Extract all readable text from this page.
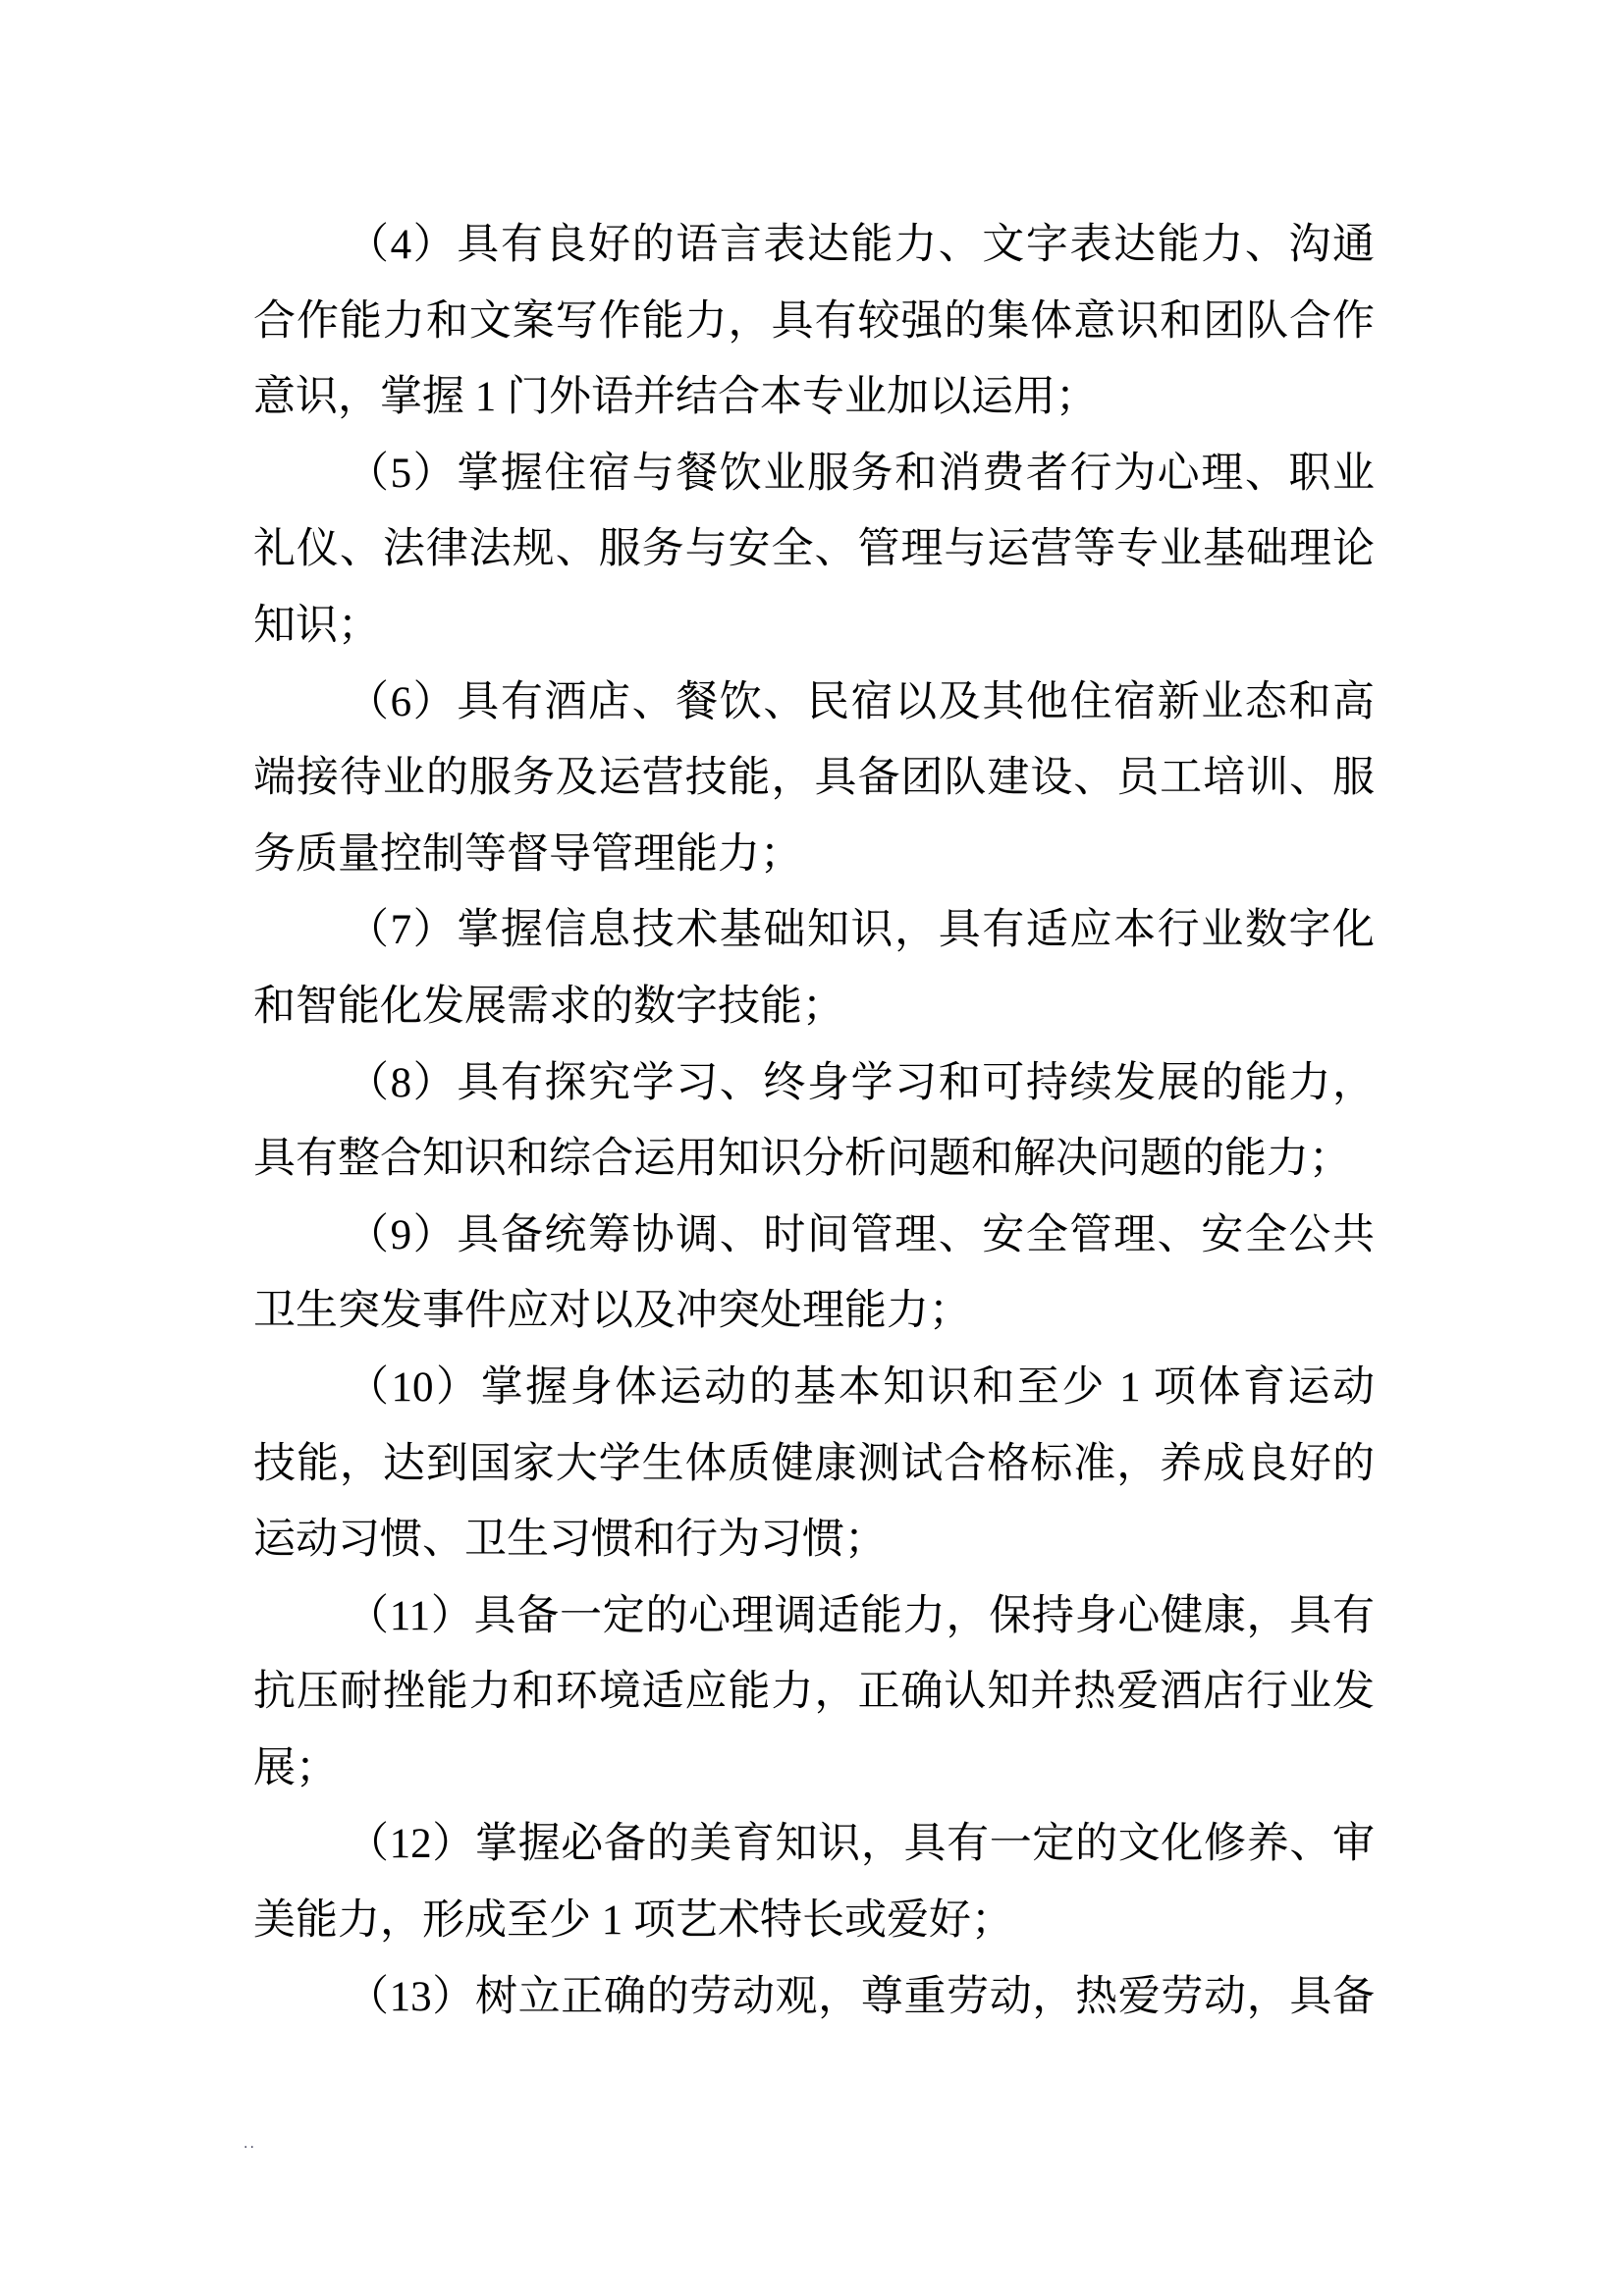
（4）具有良好的语言表达能力、文字表达能力、沟通
合作能力和文案写作能力，具有较强的集体意识和团队合作
意识，掌握 1 门外语并结合本专业加以运用；
（5）掌握住宿与餐饮业服务和消费者行为心理、职业
礼仪、法律法规、服务与安全、管理与运营等专业基础理论
知识；
（6）具有酒店、餐饮、民宿以及其他住宿新业态和高
端接待业的服务及运营技能，具备团队建设、员工培训、服
务质量控制等督导管理能力；
（7）掌握信息技术基础知识，具有适应本行业数字化
和智能化发展需求的数字技能；
（8）具有探究学习、终身学习和可持续发展的能力，
具有整合知识和综合运用知识分析问题和解决问题的能力；
（9）具备统筹协调、时间管理、安全管理、安全公共
卫生突发事件应对以及冲突处理能力；
（10）掌握身体运动的基本知识和至少 1 项体育运动
技能，达到国家大学生体质健康测试合格标准，养成良好的
运动习惯、卫生习惯和行为习惯；
（11）具备一定的心理调适能力，保持身心健康，具有
抗压耐挫能力和环境适应能力，正确认知并热爱酒店行业发
展；
（12）掌握必备的美育知识，具有一定的文化修养、审
美能力，形成至少 1 项艺术特长或爱好；
（13）树立正确的劳动观，尊重劳动，热爱劳动，具备
··
